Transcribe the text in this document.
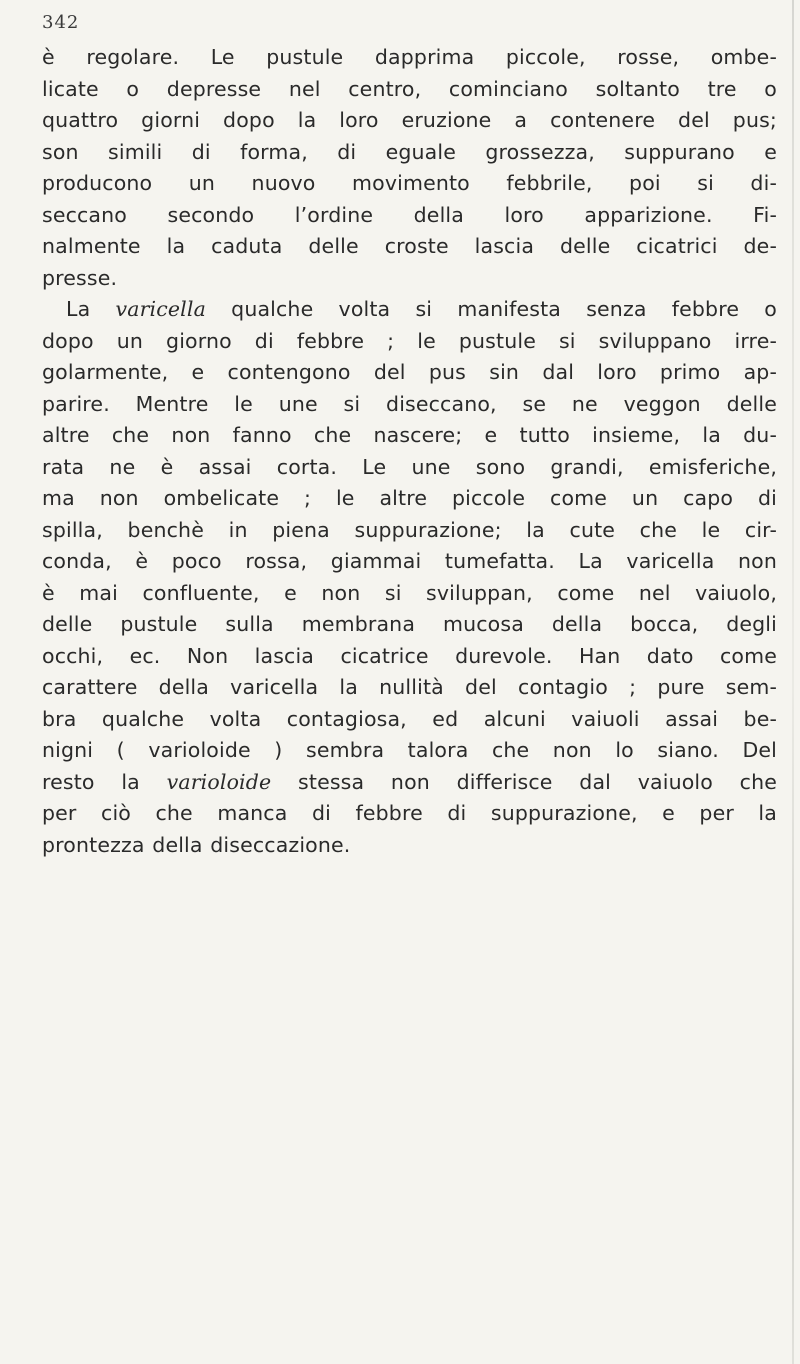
342
è regolare. Le pustule dapprima piccole, rosse, ombe-
licate o depresse nel centro, cominciano soltanto tre o
quattro giorni dopo la loro eruzione a contenere del pus;
son simili di forma, di eguale grossezza, suppurano e
producono un nuovo movimento febbrile, poi si di-
seccano secondo l’ordine della loro apparizione. Fi-
nalmente la caduta delle croste lascia delle cicatrici de-
presse.
La varicella qualche volta si manifesta senza febbre o
dopo un giorno di febbre ; le pustule si sviluppano irre-
golarmente, e contengono del pus sin dal loro primo ap-
parire. Mentre le une si diseccano, se ne veggon delle
altre che non fanno che nascere; e tutto insieme, la du-
rata ne è assai corta. Le une sono grandi, emisferiche,
ma non ombelicate ; le altre piccole come un capo di
spilla, benchè in piena suppurazione; la cute che le cir-
conda, è poco rossa, giammai tumefatta. La varicella non
è mai confluente, e non si sviluppan, come nel vaiuolo,
delle pustule sulla membrana mucosa della bocca, degli
occhi, ec. Non lascia cicatrice durevole. Han dato come
carattere della varicella la nullità del contagio ; pure sem-
bra qualche volta contagiosa, ed alcuni vaiuoli assai be-
nigni ( varioloide ) sembra talora che non lo siano. Del
resto la varioloide stessa non differisce dal vaiuolo che
per ciò che manca di febbre di suppurazione, e per la
prontezza della diseccazione.
